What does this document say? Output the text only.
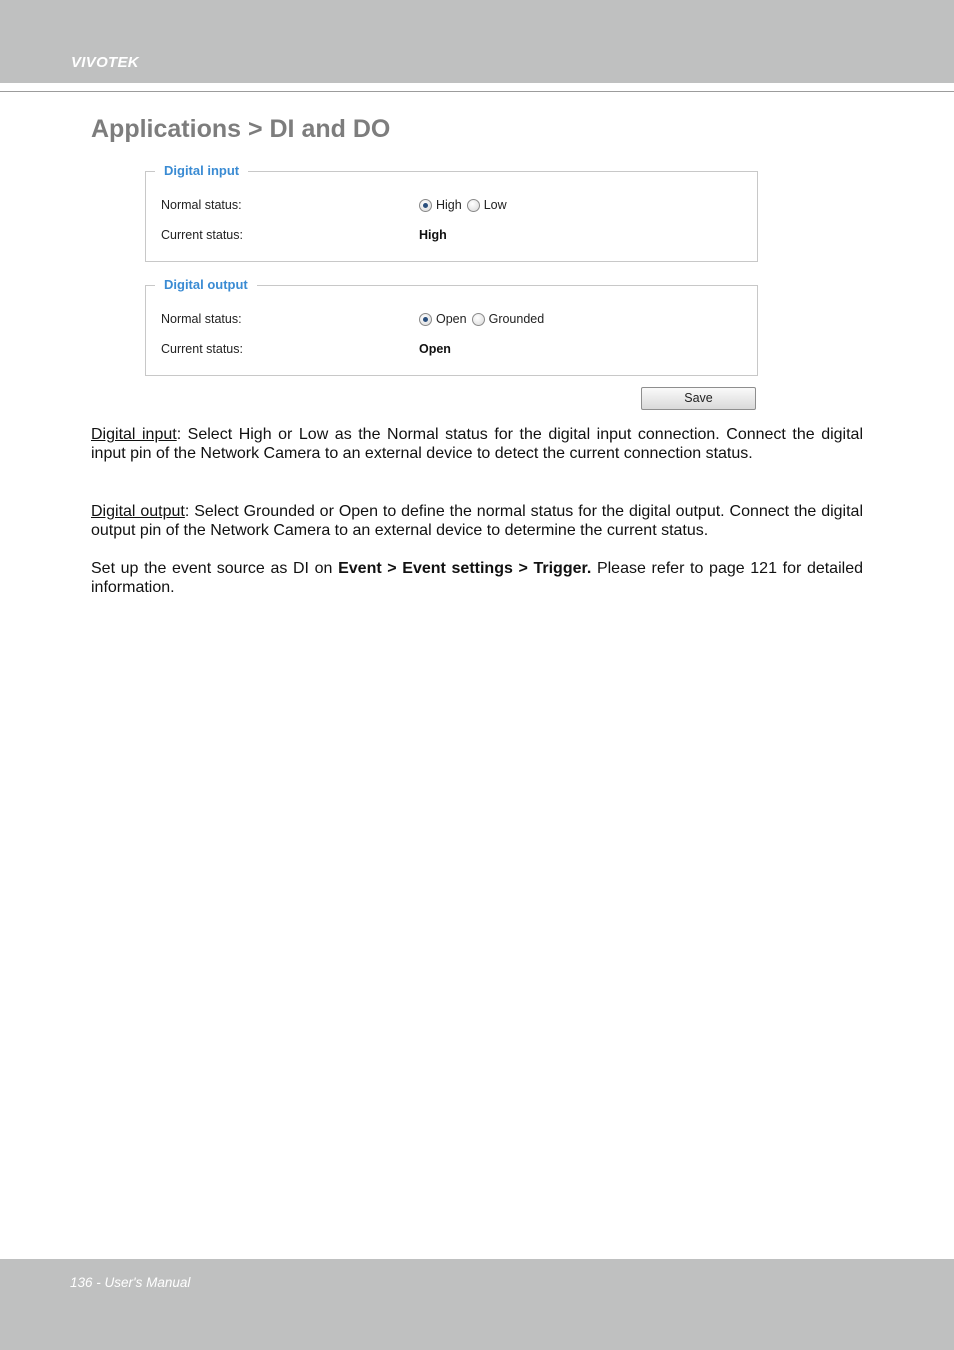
VIVOTEK
Applications > DI and DO
Digital input
Normal status:	High Low
Current status:	High
Digital output
Normal status:	Open Grounded
Current status:	Open
Save

Digital input: Select High or Low as the Normal status for the digital input connection. Connect the digital input pin of the Network Camera to an external device to detect the current connection status.

Digital output: Select Grounded or Open to define the normal status for the digital output. Connect the digital output pin of the Network Camera to an external device to determine the current status.

Set up the event source as DI on Event > Event settings > Trigger. Please refer to page 121 for detailed information.

136 - User's Manual
